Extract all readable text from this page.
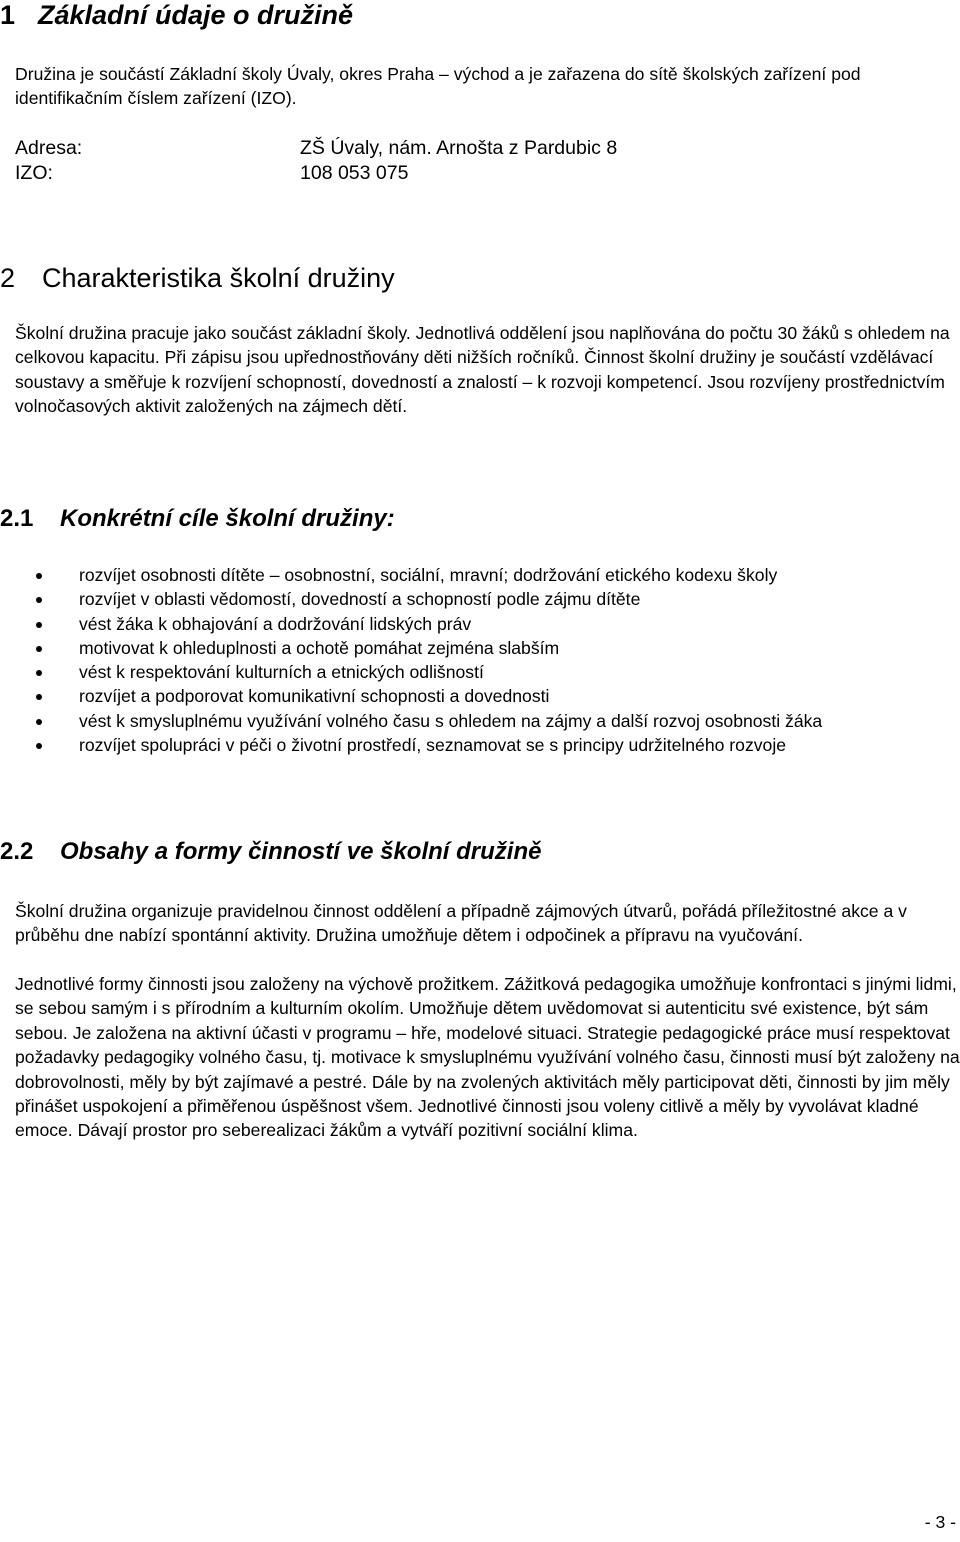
1 Základní údaje o družině
Družina je součástí Základní školy Úvaly, okres Praha – východ a je zařazena do sítě školských zařízení pod identifikačním číslem zařízení (IZO).
Adresa:	ZŠ Úvaly, nám. Arnošta z Pardubic 8
IZO:	108 053 075
2 Charakteristika školní družiny
Školní družina pracuje jako součást základní školy. Jednotlivá oddělení jsou naplňována do počtu 30 žáků s ohledem na celkovou kapacitu. Při zápisu jsou upřednostňovány děti nižších ročníků. Činnost školní družiny je součástí vzdělávací soustavy a směřuje k rozvíjení schopností, dovedností a znalostí – k rozvoji kompetencí. Jsou rozvíjeny prostřednictvím volnočasových aktivit založených na zájmech dětí.
2.1 Konkrétní cíle školní družiny:
rozvíjet osobnosti dítěte – osobnostní, sociální, mravní; dodržování etického kodexu školy
rozvíjet v oblasti vědomostí, dovedností a schopností podle zájmu dítěte
vést žáka k obhajování a dodržování lidských práv
motivovat k ohleduplnosti a ochotě pomáhat zejména slabším
vést k respektování kulturních a etnických odlišností
rozvíjet a podporovat komunikativní schopnosti a dovednosti
vést k smysluplnému využívání volného času s ohledem na zájmy a další rozvoj osobnosti žáka
rozvíjet spolupráci v péči o životní prostředí, seznamovat se s principy udržitelného rozvoje
2.2 Obsahy a formy činností ve školní družině
Školní družina organizuje pravidelnou činnost oddělení a případně zájmových útvarů, pořádá příležitostné akce a v průběhu dne nabízí spontánní aktivity. Družina umožňuje dětem i odpočinek a přípravu na vyučování.
Jednotlivé formy činnosti jsou založeny na výchově prožitkem. Zážitková pedagogika umožňuje konfrontaci s jinými lidmi, se sebou samým i s přírodním a kulturním okolím. Umožňuje dětem uvědomovat si autenticitu své existence, být sám sebou. Je založena na aktivní účasti v programu – hře, modelové situaci. Strategie pedagogické práce musí respektovat požadavky pedagogiky volného času, tj. motivace k smysluplnému využívání volného času, činnosti musí být založeny na dobrovolnosti, měly by být zajímavé a pestré. Dále by na zvolených aktivitách měly participovat děti, činnosti by jim měly přinášet uspokojení a přiměřenou úspěšnost všem. Jednotlivé činnosti jsou voleny citlivě a měly by vyvolávat kladné emoce. Dávají prostor pro seberealizaci žákům a vytváří pozitivní sociální klima.
- 3 -
